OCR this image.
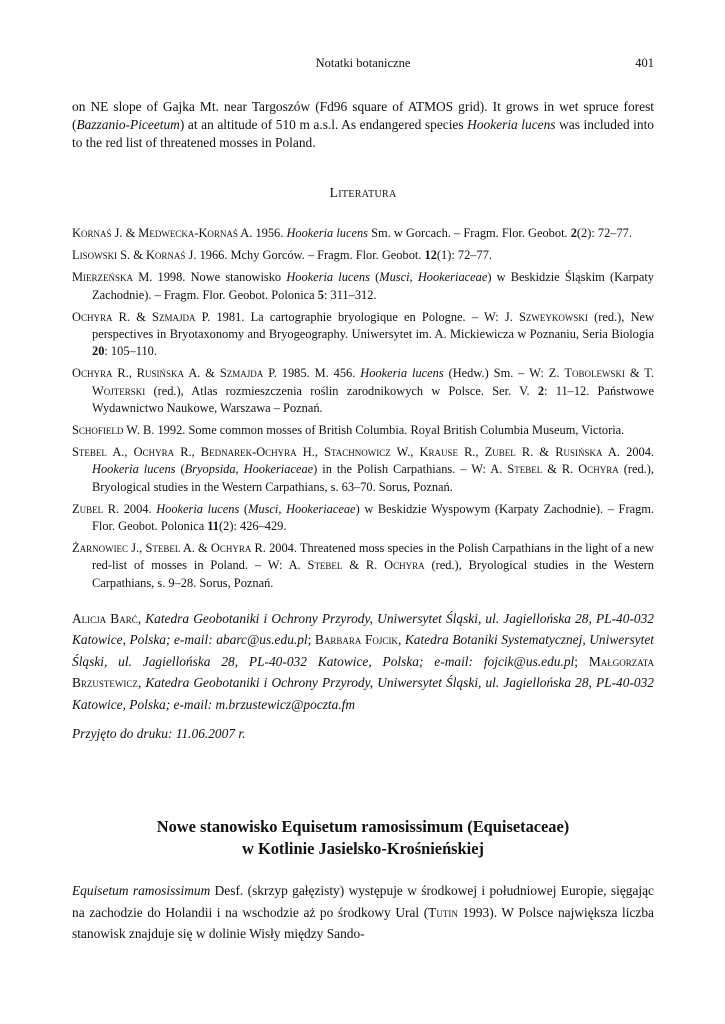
Notatki botaniczne	401

on NE slope of Gajka Mt. near Targoszów (Fd96 square of ATMOS grid). It grows in wet spruce forest (Bazzanio-Piceetum) at an altitude of 510 m a.s.l. As endangered species Hookeria lucens was included into to the red list of threatened mosses in Poland.

Literatura
Kornaś J. & Medwecka-Kornaś A. 1956. Hookeria lucens Sm. w Gorcach. – Fragm. Flor. Geobot. 2(2): 72–77.
Lisowski S. & Kornaś J. 1966. Mchy Gorców. – Fragm. Flor. Geobot. 12(1): 72–77.
Mierzeńska M. 1998. Nowe stanowisko Hookeria lucens (Musci, Hookeriaceae) w Beskidzie Śląskim (Karpaty Zachodnie). – Fragm. Flor. Geobot. Polonica 5: 311–312.
Ochyra R. & Szmajda P. 1981. La cartographie bryologique en Pologne. – W: J. Szweykowski (red.), New perspectives in Bryotaxonomy and Bryogeography. Uniwersytet im. A. Mickiewicza w Poznaniu, Seria Biologia 20: 105–110.
Ochyra R., Rusińska A. & Szmajda P. 1985. M. 456. Hookeria lucens (Hedw.) Sm. – W: Z. Tobolewski & T. Wojterski (red.), Atlas rozmieszczenia roślin zarodnikowych w Polsce. Ser. V. 2: 11–12. Państwowe Wydawnictwo Naukowe, Warszawa – Poznań.
Schofield W. B. 1992. Some common mosses of British Columbia. Royal British Columbia Museum, Victoria.
Stebel A., Ochyra R., Bednarek-Ochyra H., Stachnowicz W., Krause R., Zubel R. & Rusińska A. 2004. Hookeria lucens (Bryopsida, Hookeriaceae) in the Polish Carpathians. – W: A. Stebel & R. Ochyra (red.), Bryological studies in the Western Carpathians, s. 63–70. Sorus, Poznań.
Zubel R. 2004. Hookeria lucens (Musci, Hookeriaceae) w Beskidzie Wyspowym (Karpaty Zachodnie). – Fragm. Flor. Geobot. Polonica 11(2): 426–429.
Żarnowiec J., Stebel A. & Ochyra R. 2004. Threatened moss species in the Polish Carpathians in the light of a new red-list of mosses in Poland. – W: A. Stebel & R. Ochyra (red.), Bryological studies in the Western Carpathians, s. 9–28. Sorus, Poznań.

Alicja Barć, Katedra Geobotaniki i Ochrony Przyrody, Uniwersytet Śląski, ul. Jagiellońska 28, PL-40-032 Katowice, Polska; e-mail: abarc@us.edu.pl; Barbara Fojcik, Katedra Botaniki Systematycznej, Uniwersytet Śląski, ul. Jagiellońska 28, PL-40-032 Katowice, Polska; e-mail: fojcik@us.edu.pl; Małgorzata Brzustewicz, Katedra Geobotaniki i Ochrony Przyrody, Uniwersytet Śląski, ul. Jagiellońska 28, PL-40-032 Katowice, Polska; e-mail: m.brzustewicz@poczta.fm

Przyjęto do druku: 11.06.2007 r.
Nowe stanowisko Equisetum ramosissimum (Equisetaceae)
w Kotlinie Jasielsko-Krośnieńskiej

Equisetum ramosissimum Desf. (skrzyp gałęzisty) występuje w środkowej i południowej Europie, sięgając na zachodzie do Holandii i na wschodzie aż po środkowy Ural (Tutin 1993). W Polsce największa liczba stanowisk znajduje się w dolinie Wisły między Sando-
